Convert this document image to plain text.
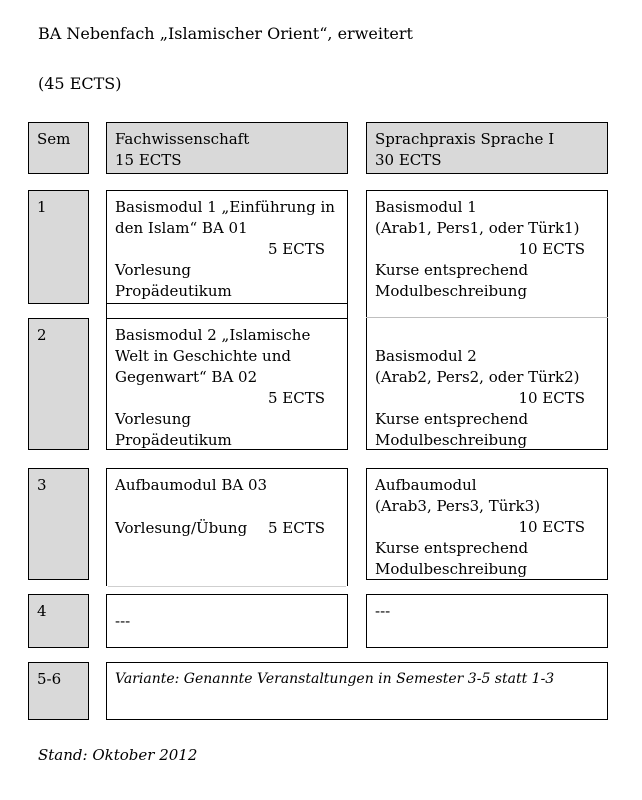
BA Nebenfach „Islamischer Orient“, erweitert
(45 ECTS)
Sem	Fachwissenschaft
15 ECTS
Sprachpraxis Sprache I
30 ECTS
1
2
3
4
5-6
Basismodul 1 „Einführung in
den Islam“ BA 01
5 ECTS
Vorlesung
Propädeutikum
Basismodul 2 „Islamische
Welt in Geschichte und
Gegenwart“ BA 02
5 ECTS
Vorlesung
Propädeutikum
Basismodul 1
(Arab1, Pers1, oder Türk1)
10 ECTS
Kurse entsprechend
Modulbeschreibung
Basismodul 2
(Arab2, Pers2, oder Türk2)
10 ECTS
Kurse entsprechend
Modulbeschreibung
Aufbaumodul BA 03
Vorlesung/Übung 5 ECTS
Aufbaumodul
(Arab3, Pers3, Türk3)
10 ECTS
Kurse entsprechend
Modulbeschreibung
---
---
Variante: Genannte Veranstaltungen in Semester 3-5 statt 1-3
Stand: Oktober 2012
